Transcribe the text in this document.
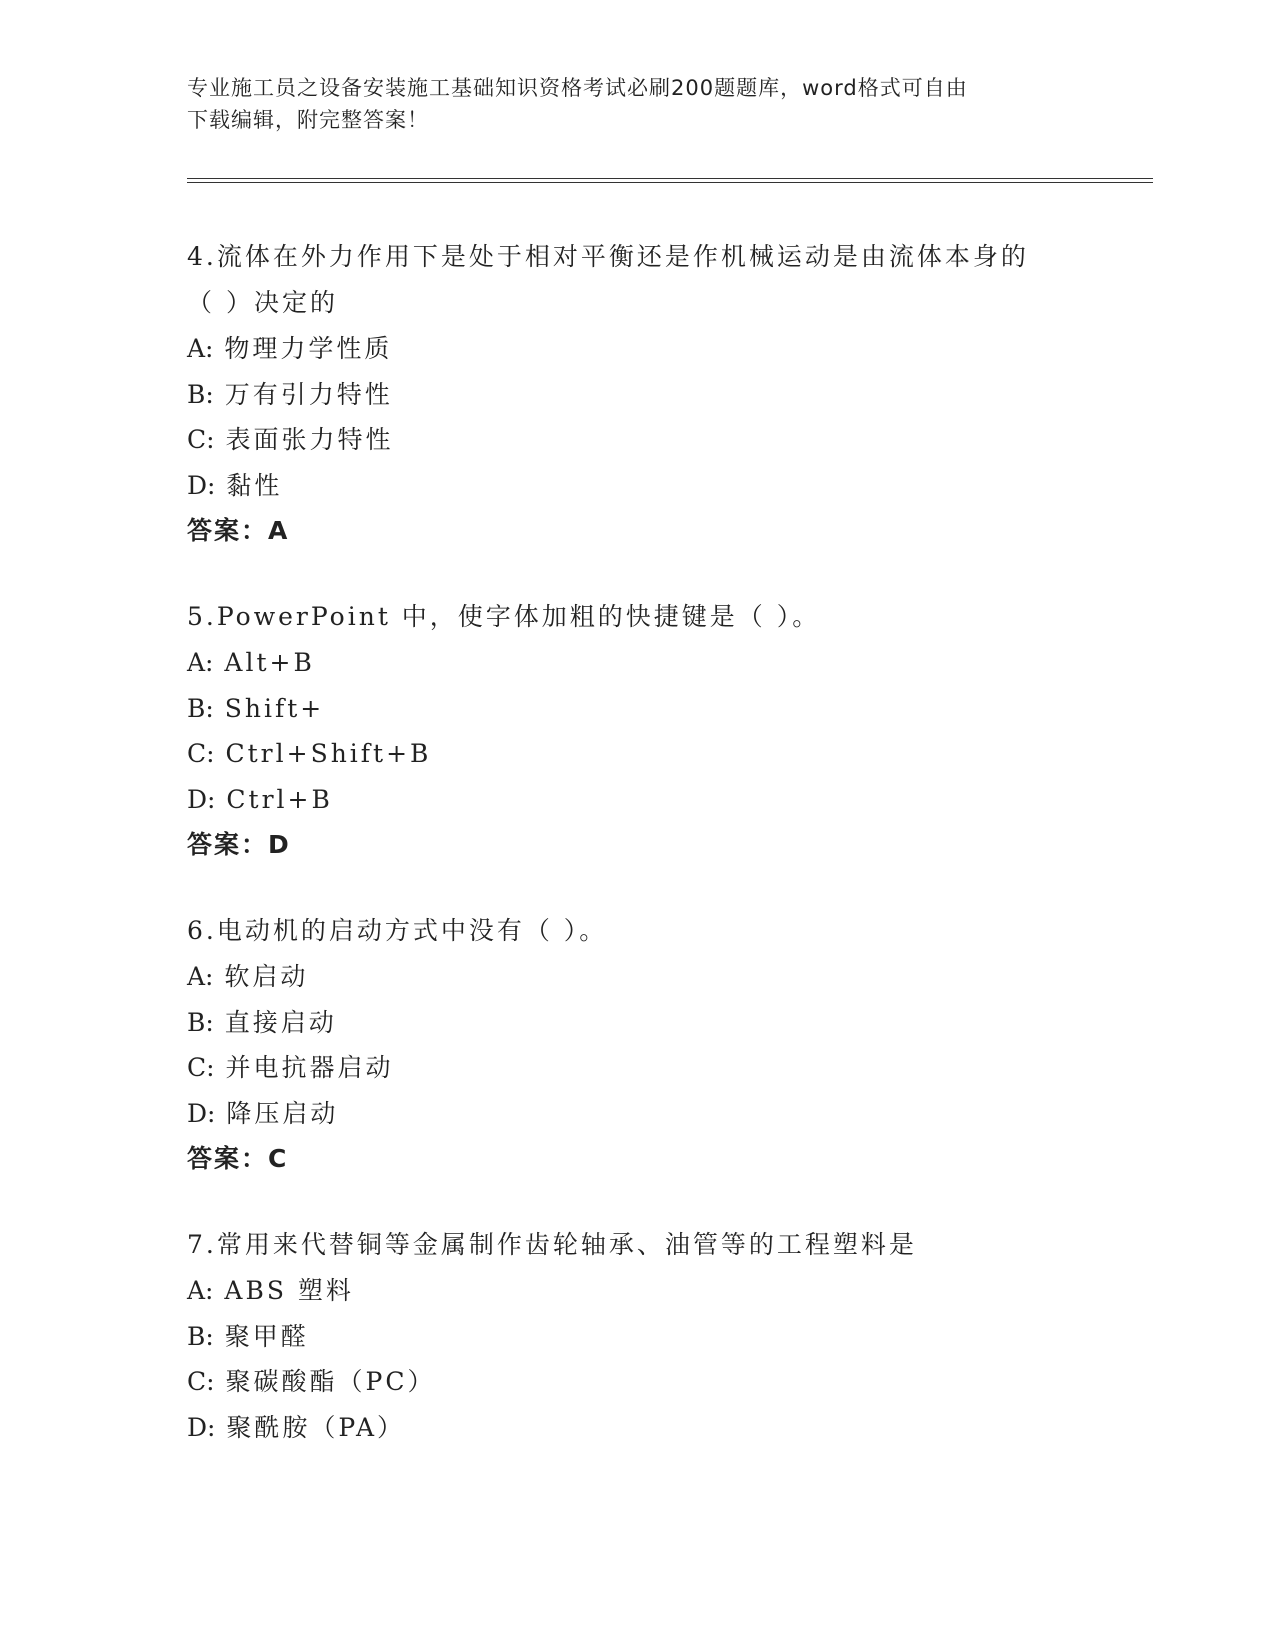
专业施工员之设备安装施工基础知识资格考试必刷200题题库，word格式可自由
下载编辑，附完整答案！

4.流体在外力作用下是处于相对平衡还是作机械运动是由流体本身的

（ ）决定的

A: 物理力学性质

B: 万有引力特性

C: 表面张力特性

D: 黏性

答案：A

5.PowerPoint 中，使字体加粗的快捷键是（ ）。

A: Alt+B

B: Shift+

C: Ctrl+Shift+B

D: Ctrl+B

答案：D

6.电动机的启动方式中没有（ ）。

A: 软启动

B: 直接启动

C: 并电抗器启动

D: 降压启动

答案：C

7.常用来代替铜等金属制作齿轮轴承、油管等的工程塑料是

A: ABS 塑料

B: 聚甲醛

C: 聚碳酸酯（PC）

D: 聚酰胺（PA）
